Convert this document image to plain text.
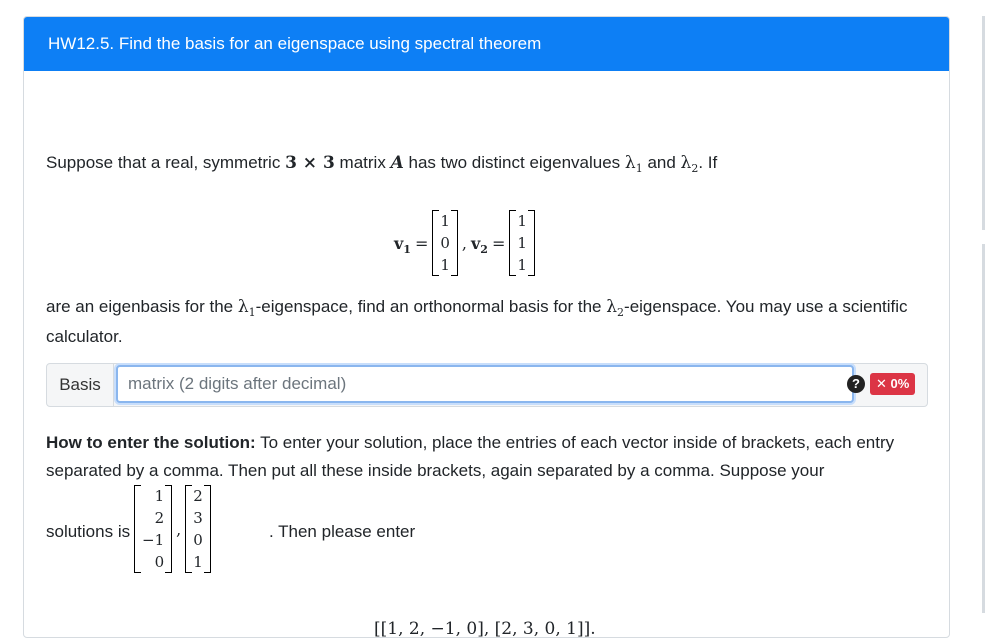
HW12.5. Find the basis for an eigenspace using spectral theorem
Suppose that a real, symmetric 3 × 3 matrix A has two distinct eigenvalues $\lambda_1$ and $\lambda_2$. If
$v_1$ =
1
0
1
, $v_2$ =
1
1
1
are an eigenbasis for the $\lambda_1$-eigenspace, find an orthonormal basis for the $\lambda_2$-eigenspace. You may use a scientific calculator.
Basis
matrix (2 digits after decimal)	?	✕ 0%
How to enter the solution: To enter your solution, place the entries of each vector inside of brackets, each entry separated by a comma. Then put all these inside brackets, again separated by a comma. Suppose your
solutions is
1
2
−1
0
,
2
3
0
1
. Then please enter
[[1, 2, −1, 0], [2, 3, 0, 1]].
